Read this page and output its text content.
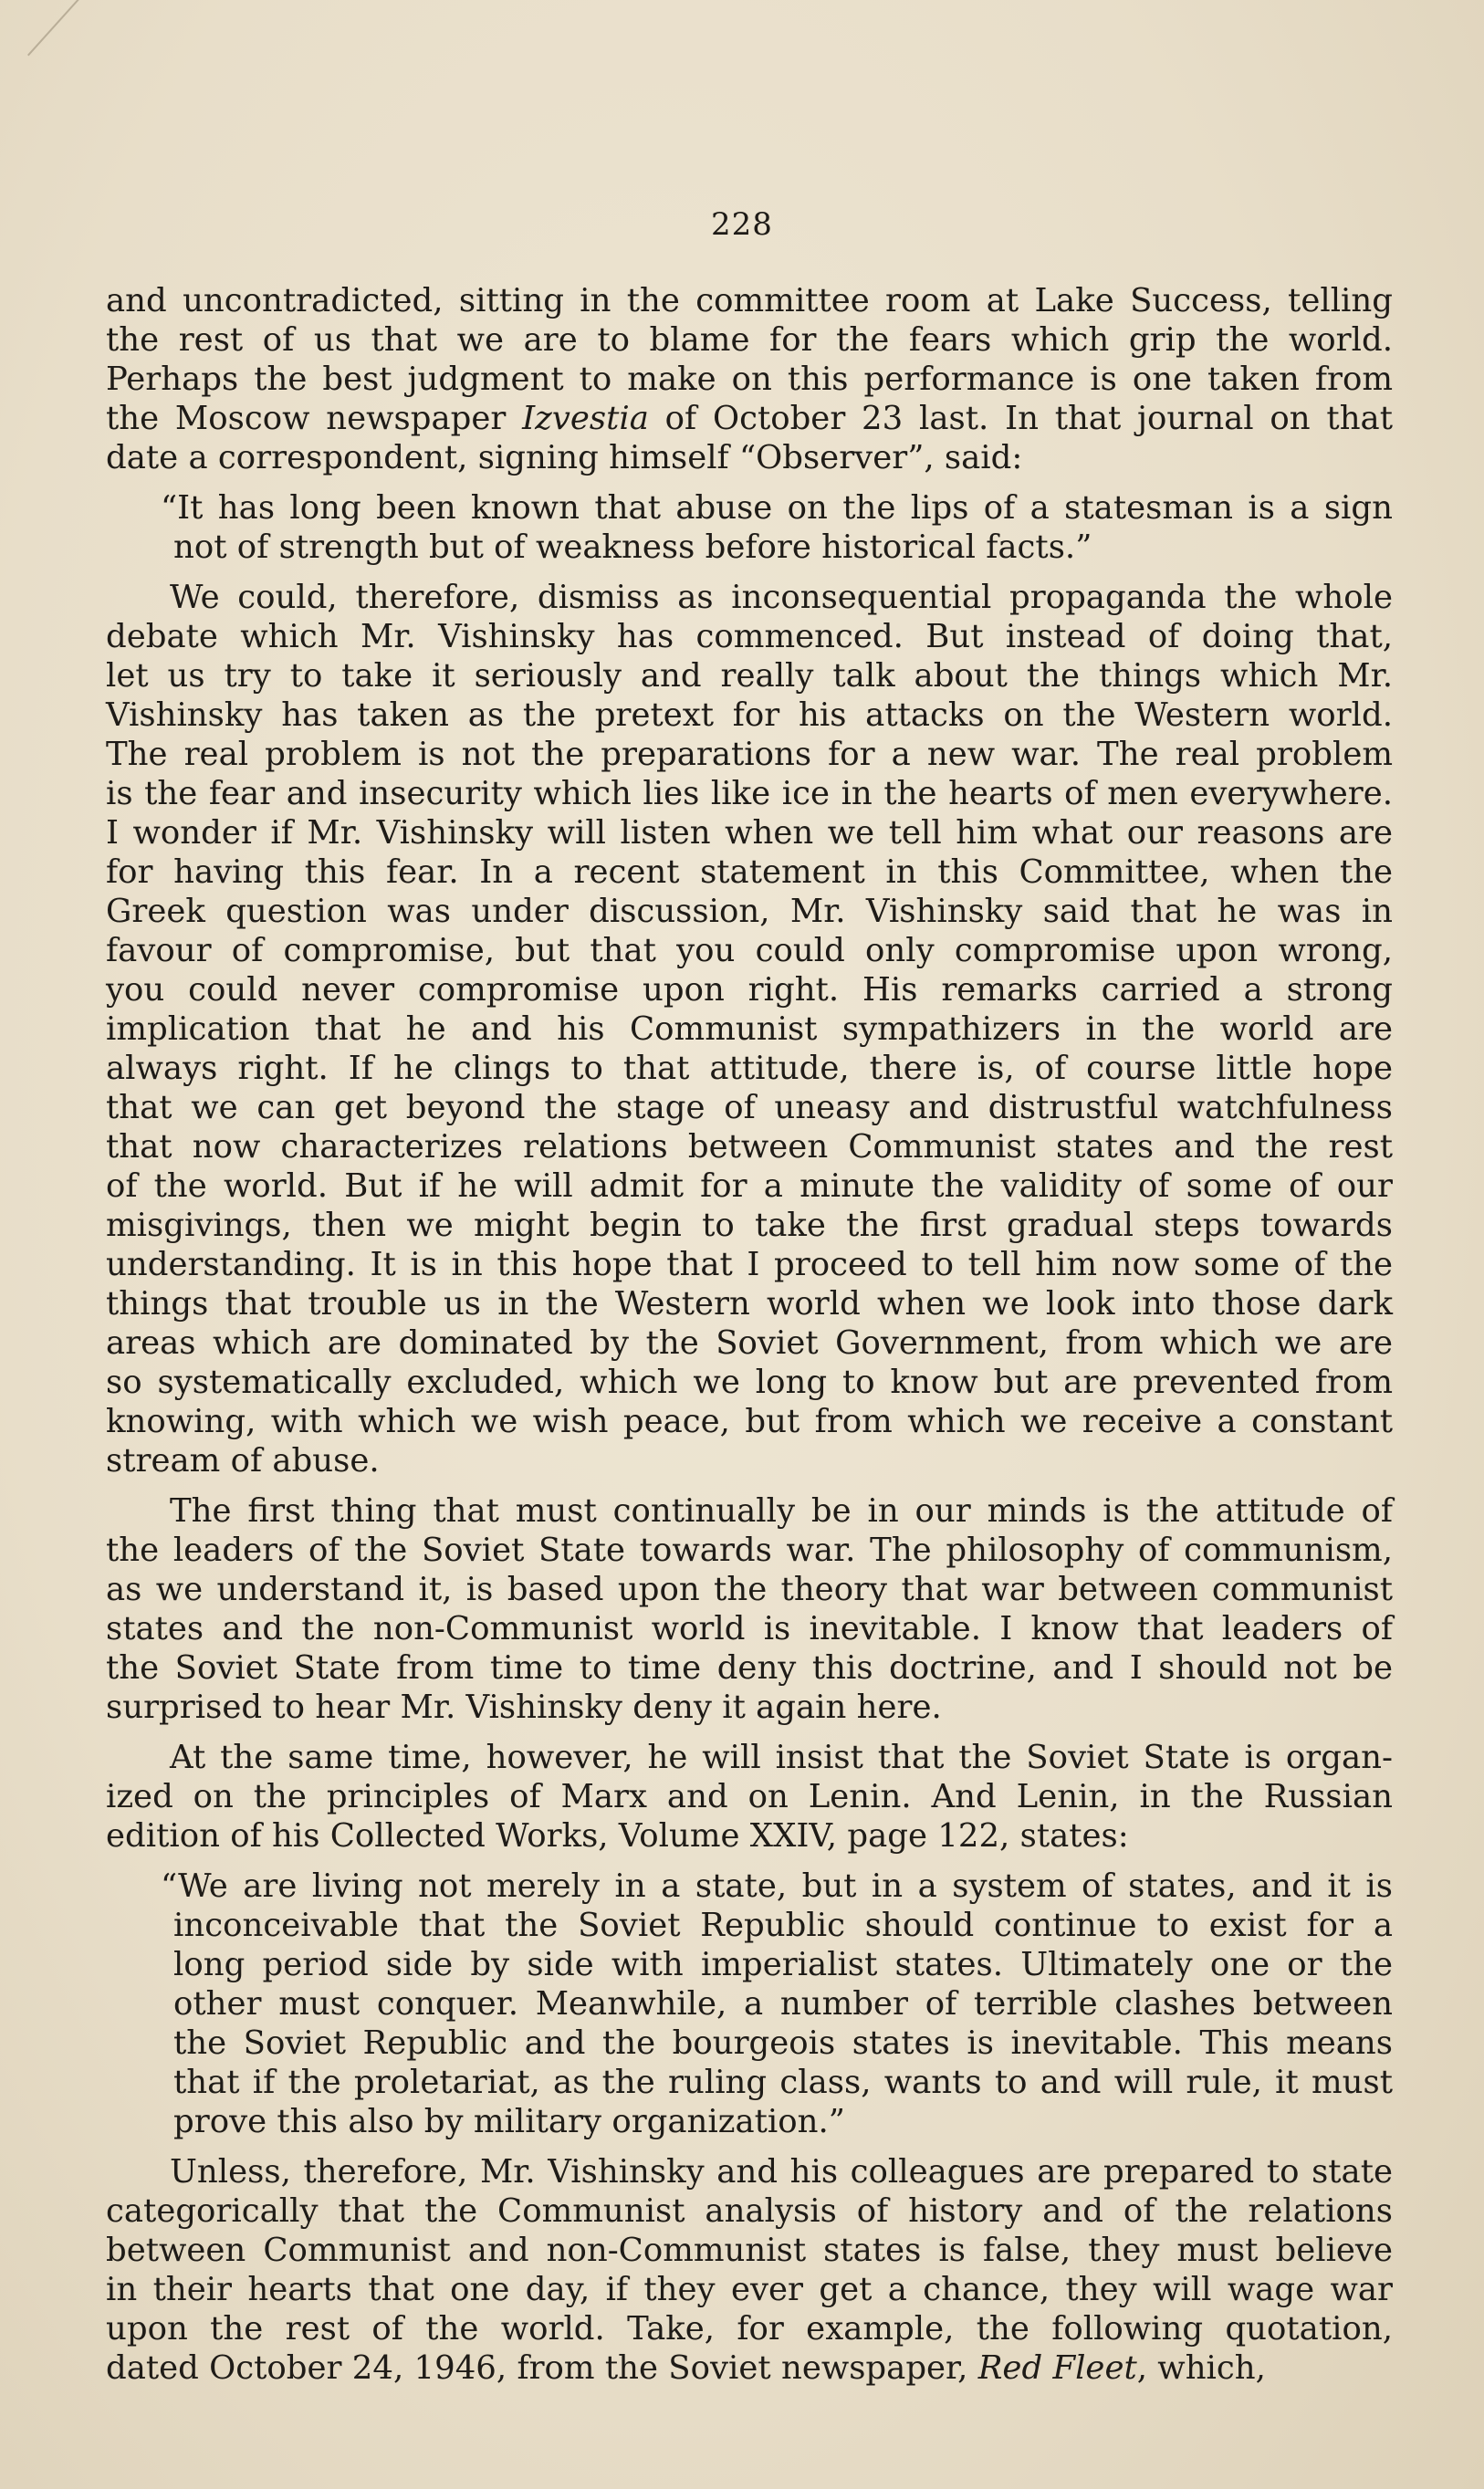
228
and uncontradicted, sitting in the committee room at Lake Success, telling
the rest of us that we are to blame for the fears which grip the world.
Perhaps the best judgment to make on this performance is one taken from
the Moscow newspaper Izvestia of October 23 last. In that journal on that
date a correspondent, signing himself “Observer”, said:
“It has long been known that abuse on the lips of a statesman is a sign
not of strength but of weakness before historical facts.”
We could, therefore, dismiss as inconsequential propaganda the whole
debate which Mr. Vishinsky has commenced. But instead of doing that,
let us try to take it seriously and really talk about the things which Mr.
Vishinsky has taken as the pretext for his attacks on the Western world.
The real problem is not the preparations for a new war. The real problem
is the fear and insecurity which lies like ice in the hearts of men everywhere.
I wonder if Mr. Vishinsky will listen when we tell him what our reasons are
for having this fear. In a recent statement in this Committee, when the
Greek question was under discussion, Mr. Vishinsky said that he was in
favour of compromise, but that you could only compromise upon wrong,
you could never compromise upon right. His remarks carried a strong
implication that he and his Communist sympathizers in the world are
always right. If he clings to that attitude, there is, of course little hope
that we can get beyond the stage of uneasy and distrustful watchfulness
that now characterizes relations between Communist states and the rest
of the world. But if he will admit for a minute the validity of some of our
misgivings, then we might begin to take the first gradual steps towards
understanding. It is in this hope that I proceed to tell him now some of the
things that trouble us in the Western world when we look into those dark
areas which are dominated by the Soviet Government, from which we are
so systematically excluded, which we long to know but are prevented from
knowing, with which we wish peace, but from which we receive a constant
stream of abuse.
The first thing that must continually be in our minds is the attitude of
the leaders of the Soviet State towards war. The philosophy of communism,
as we understand it, is based upon the theory that war between communist
states and the non-Communist world is inevitable. I know that leaders of
the Soviet State from time to time deny this doctrine, and I should not be
surprised to hear Mr. Vishinsky deny it again here.
At the same time, however, he will insist that the Soviet State is organ-
ized on the principles of Marx and on Lenin. And Lenin, in the Russian
edition of his Collected Works, Volume XXIV, page 122, states:
“We are living not merely in a state, but in a system of states, and it is
inconceivable that the Soviet Republic should continue to exist for a
long period side by side with imperialist states. Ultimately one or the
other must conquer. Meanwhile, a number of terrible clashes between
the Soviet Republic and the bourgeois states is inevitable. This means
that if the proletariat, as the ruling class, wants to and will rule, it must
prove this also by military organization.”
Unless, therefore, Mr. Vishinsky and his colleagues are prepared to state
categorically that the Communist analysis of history and of the relations
between Communist and non-Communist states is false, they must believe
in their hearts that one day, if they ever get a chance, they will wage war
upon the rest of the world. Take, for example, the following quotation,
dated October 24, 1946, from the Soviet newspaper, Red Fleet, which,
